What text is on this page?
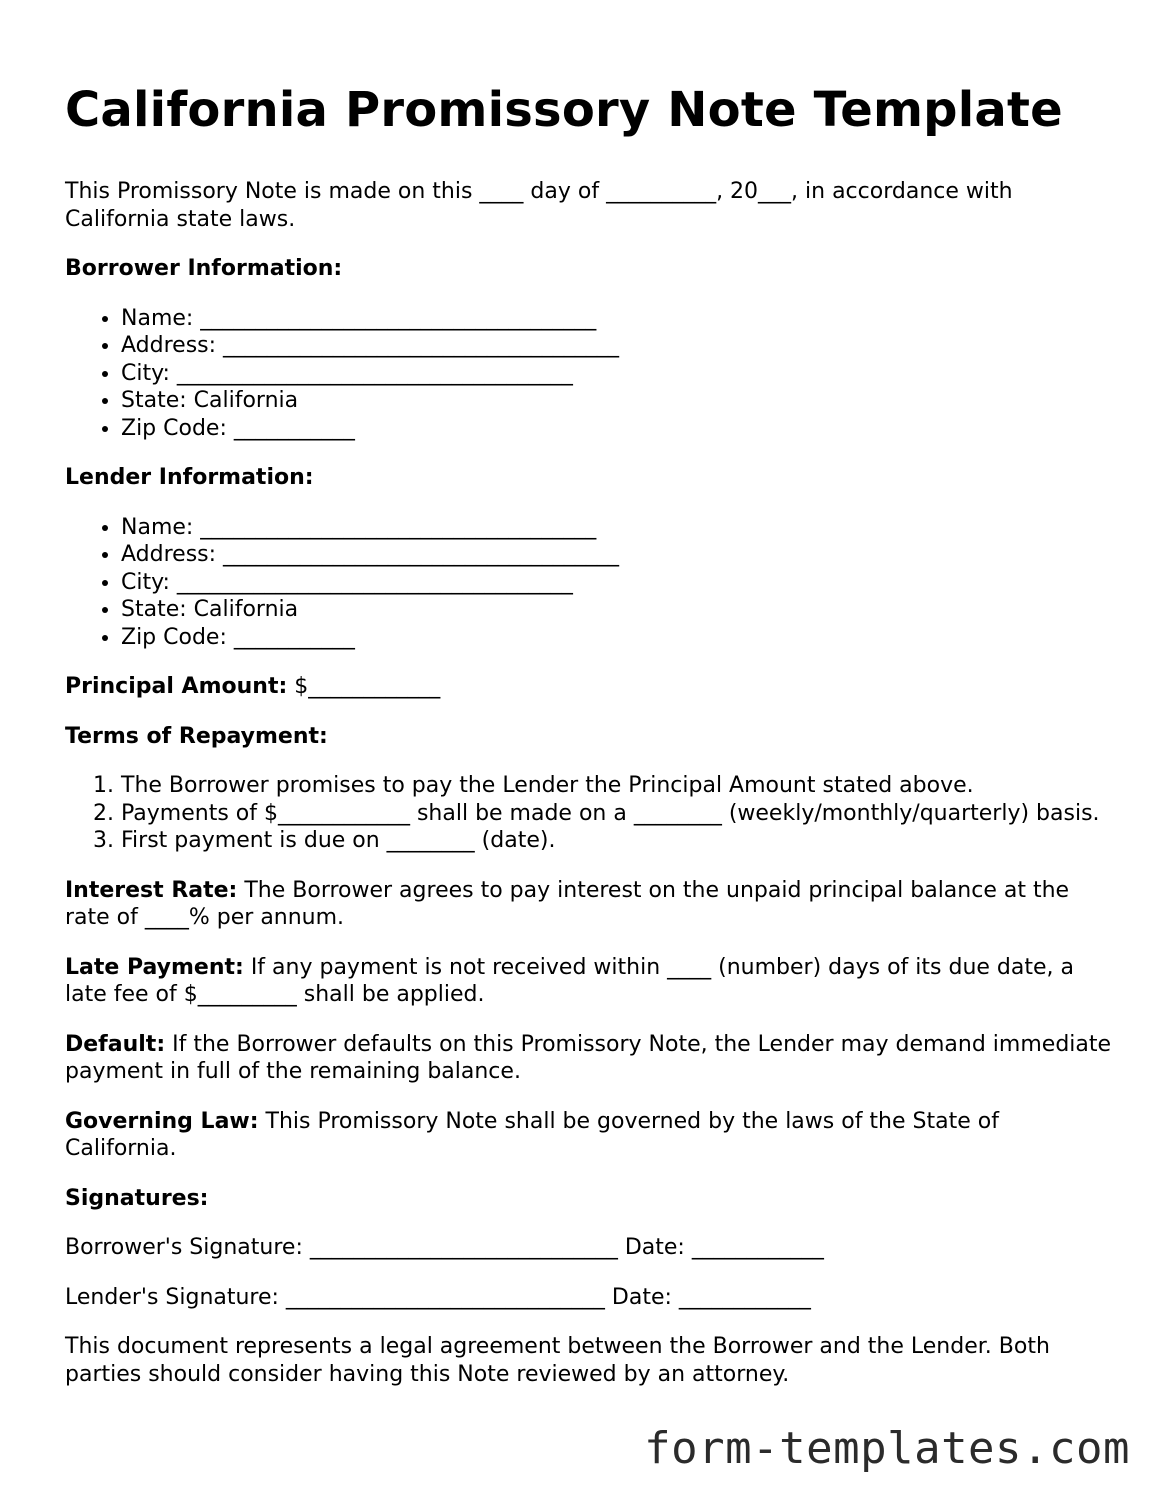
California Promissory Note Template

This Promissory Note is made on this ____ day of __________, 20___, in accordance with California state laws.

Borrower Information:
• Name: ____________________________________
• Address: ____________________________________
• City: ____________________________________
• State: California
• Zip Code: ___________
Lender Information:
• Name: ____________________________________
• Address: ____________________________________
• City: ____________________________________
• State: California
• Zip Code: ___________

Principal Amount: $____________

Terms of Repayment:
1. The Borrower promises to pay the Lender the Principal Amount stated above.
2. Payments of $____________ shall be made on a ________ (weekly/monthly/quarterly) basis.
3. First payment is due on ________ (date).

Interest Rate: The Borrower agrees to pay interest on the unpaid principal balance at the rate of ____% per annum.

Late Payment: If any payment is not received within ____ (number) days of its due date, a late fee of $_________ shall be applied.

Default: If the Borrower defaults on this Promissory Note, the Lender may demand immediate payment in full of the remaining balance.

Governing Law: This Promissory Note shall be governed by the laws of the State of California.

Signatures:

Borrower's Signature: ____________________________ Date: ____________

Lender's Signature: _____________________________ Date: ____________

This document represents a legal agreement between the Borrower and the Lender. Both parties should consider having this Note reviewed by an attorney.

form-templates.com
